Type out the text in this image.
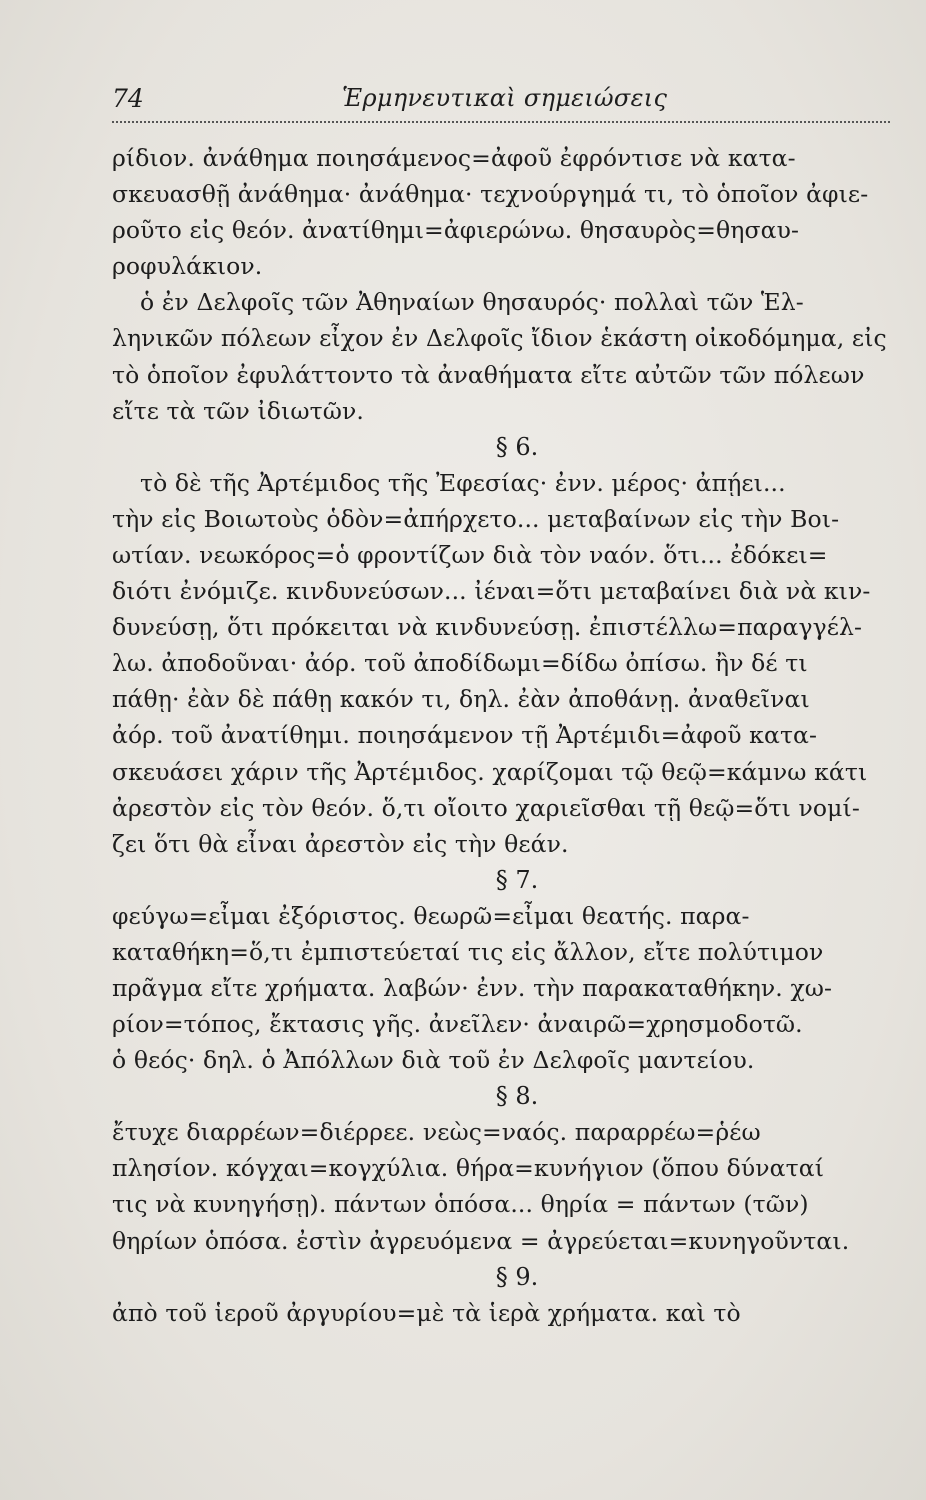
74	Ἑρμηνευτικαὶ σημειώσεις
ρίδιον. ἀνάθημα ποιησάμενος=ἀφοῦ ἐφρόντισε νὰ κατα-
σκευασθῇ ἀνάθημα· ἀνάθημα· τεχνούργημά τι, τὸ ὁποῖον ἀφιε-
ροῦτο εἰς θεόν. ἀνατίθημι=ἀφιερώνω. θησαυρὸς=θησαυ-
ροφυλάκιον.
ὁ ἐν Δελφοῖς τῶν Ἀθηναίων θησαυρός· πολλαὶ τῶν Ἑλ-
ληνικῶν πόλεων εἶχον ἐν Δελφοῖς ἴδιον ἑκάστη οἰκοδόμημα, εἰς
τὸ ὁποῖον ἐφυλάττοντο τὰ ἀναθήματα εἴτε αὐτῶν τῶν πόλεων
εἴτε τὰ τῶν ἰδιωτῶν.
§ 6.
τὸ δὲ τῆς Ἀρτέμιδος τῆς Ἐφεσίας· ἐνν. μέρος· ἀπῄει...
τὴν εἰς Βοιωτοὺς ὁδὸν=ἀπήρχετο... μεταβαίνων εἰς τὴν Βοι-
ωτίαν. νεωκόρος=ὁ φροντίζων διὰ τὸν ναόν. ὅτι... ἐδόκει=
διότι ἐνόμιζε. κινδυνεύσων... ἰέναι=ὅτι μεταβαίνει διὰ νὰ κιν-
δυνεύσῃ, ὅτι πρόκειται νὰ κινδυνεύσῃ. ἐπιστέλλω=παραγγέλ-
λω. ἀποδοῦναι· ἀόρ. τοῦ ἀποδίδωμι=δίδω ὀπίσω. ἢν δέ τι
πάθῃ· ἐὰν δὲ πάθῃ κακόν τι, δηλ. ἐὰν ἀποθάνῃ. ἀναθεῖναι
ἀόρ. τοῦ ἀνατίθημι. ποιησάμενον τῇ Ἀρτέμιδι=ἀφοῦ κατα-
σκευάσει χάριν τῆς Ἀρτέμιδος. χαρίζομαι τῷ θεῷ=κάμνω κάτι
ἀρεστὸν εἰς τὸν θεόν. ὅ,τι οἴοιτο χαριεῖσθαι τῇ θεῷ=ὅτι νομί-
ζει ὅτι θὰ εἶναι ἀρεστὸν εἰς τὴν θεάν.
§ 7.
φεύγω=εἶμαι ἐξόριστος. θεωρῶ=εἶμαι θεατής. παρα-
καταθήκη=ὅ,τι ἐμπιστεύεταί τις εἰς ἄλλον, εἴτε πολύτιμον
πρᾶγμα εἴτε χρήματα. λαβών· ἐνν. τὴν παρακαταθήκην. χω-
ρίον=τόπος, ἔκτασις γῆς. ἀνεῖλεν· ἀναιρῶ=χρησμοδοτῶ.
ὁ θεός· δηλ. ὁ Ἀπόλλων διὰ τοῦ ἐν Δελφοῖς μαντείου.
§ 8.
ἔτυχε διαρρέων=διέρρεε. νεὼς=ναός. παραρρέω=ῥέω
πλησίον. κόγχαι=κογχύλια. θήρα=κυνήγιον (ὅπου δύναταί
τις νὰ κυνηγήσῃ). πάντων ὁπόσα... θηρία = πάντων (τῶν)
θηρίων ὁπόσα. ἐστὶν ἀγρευόμενα = ἀγρεύεται=κυνηγοῦνται.
§ 9.
ἀπὸ τοῦ ἱεροῦ ἀργυρίου=μὲ τὰ ἱερὰ χρήματα. καὶ τὸ
